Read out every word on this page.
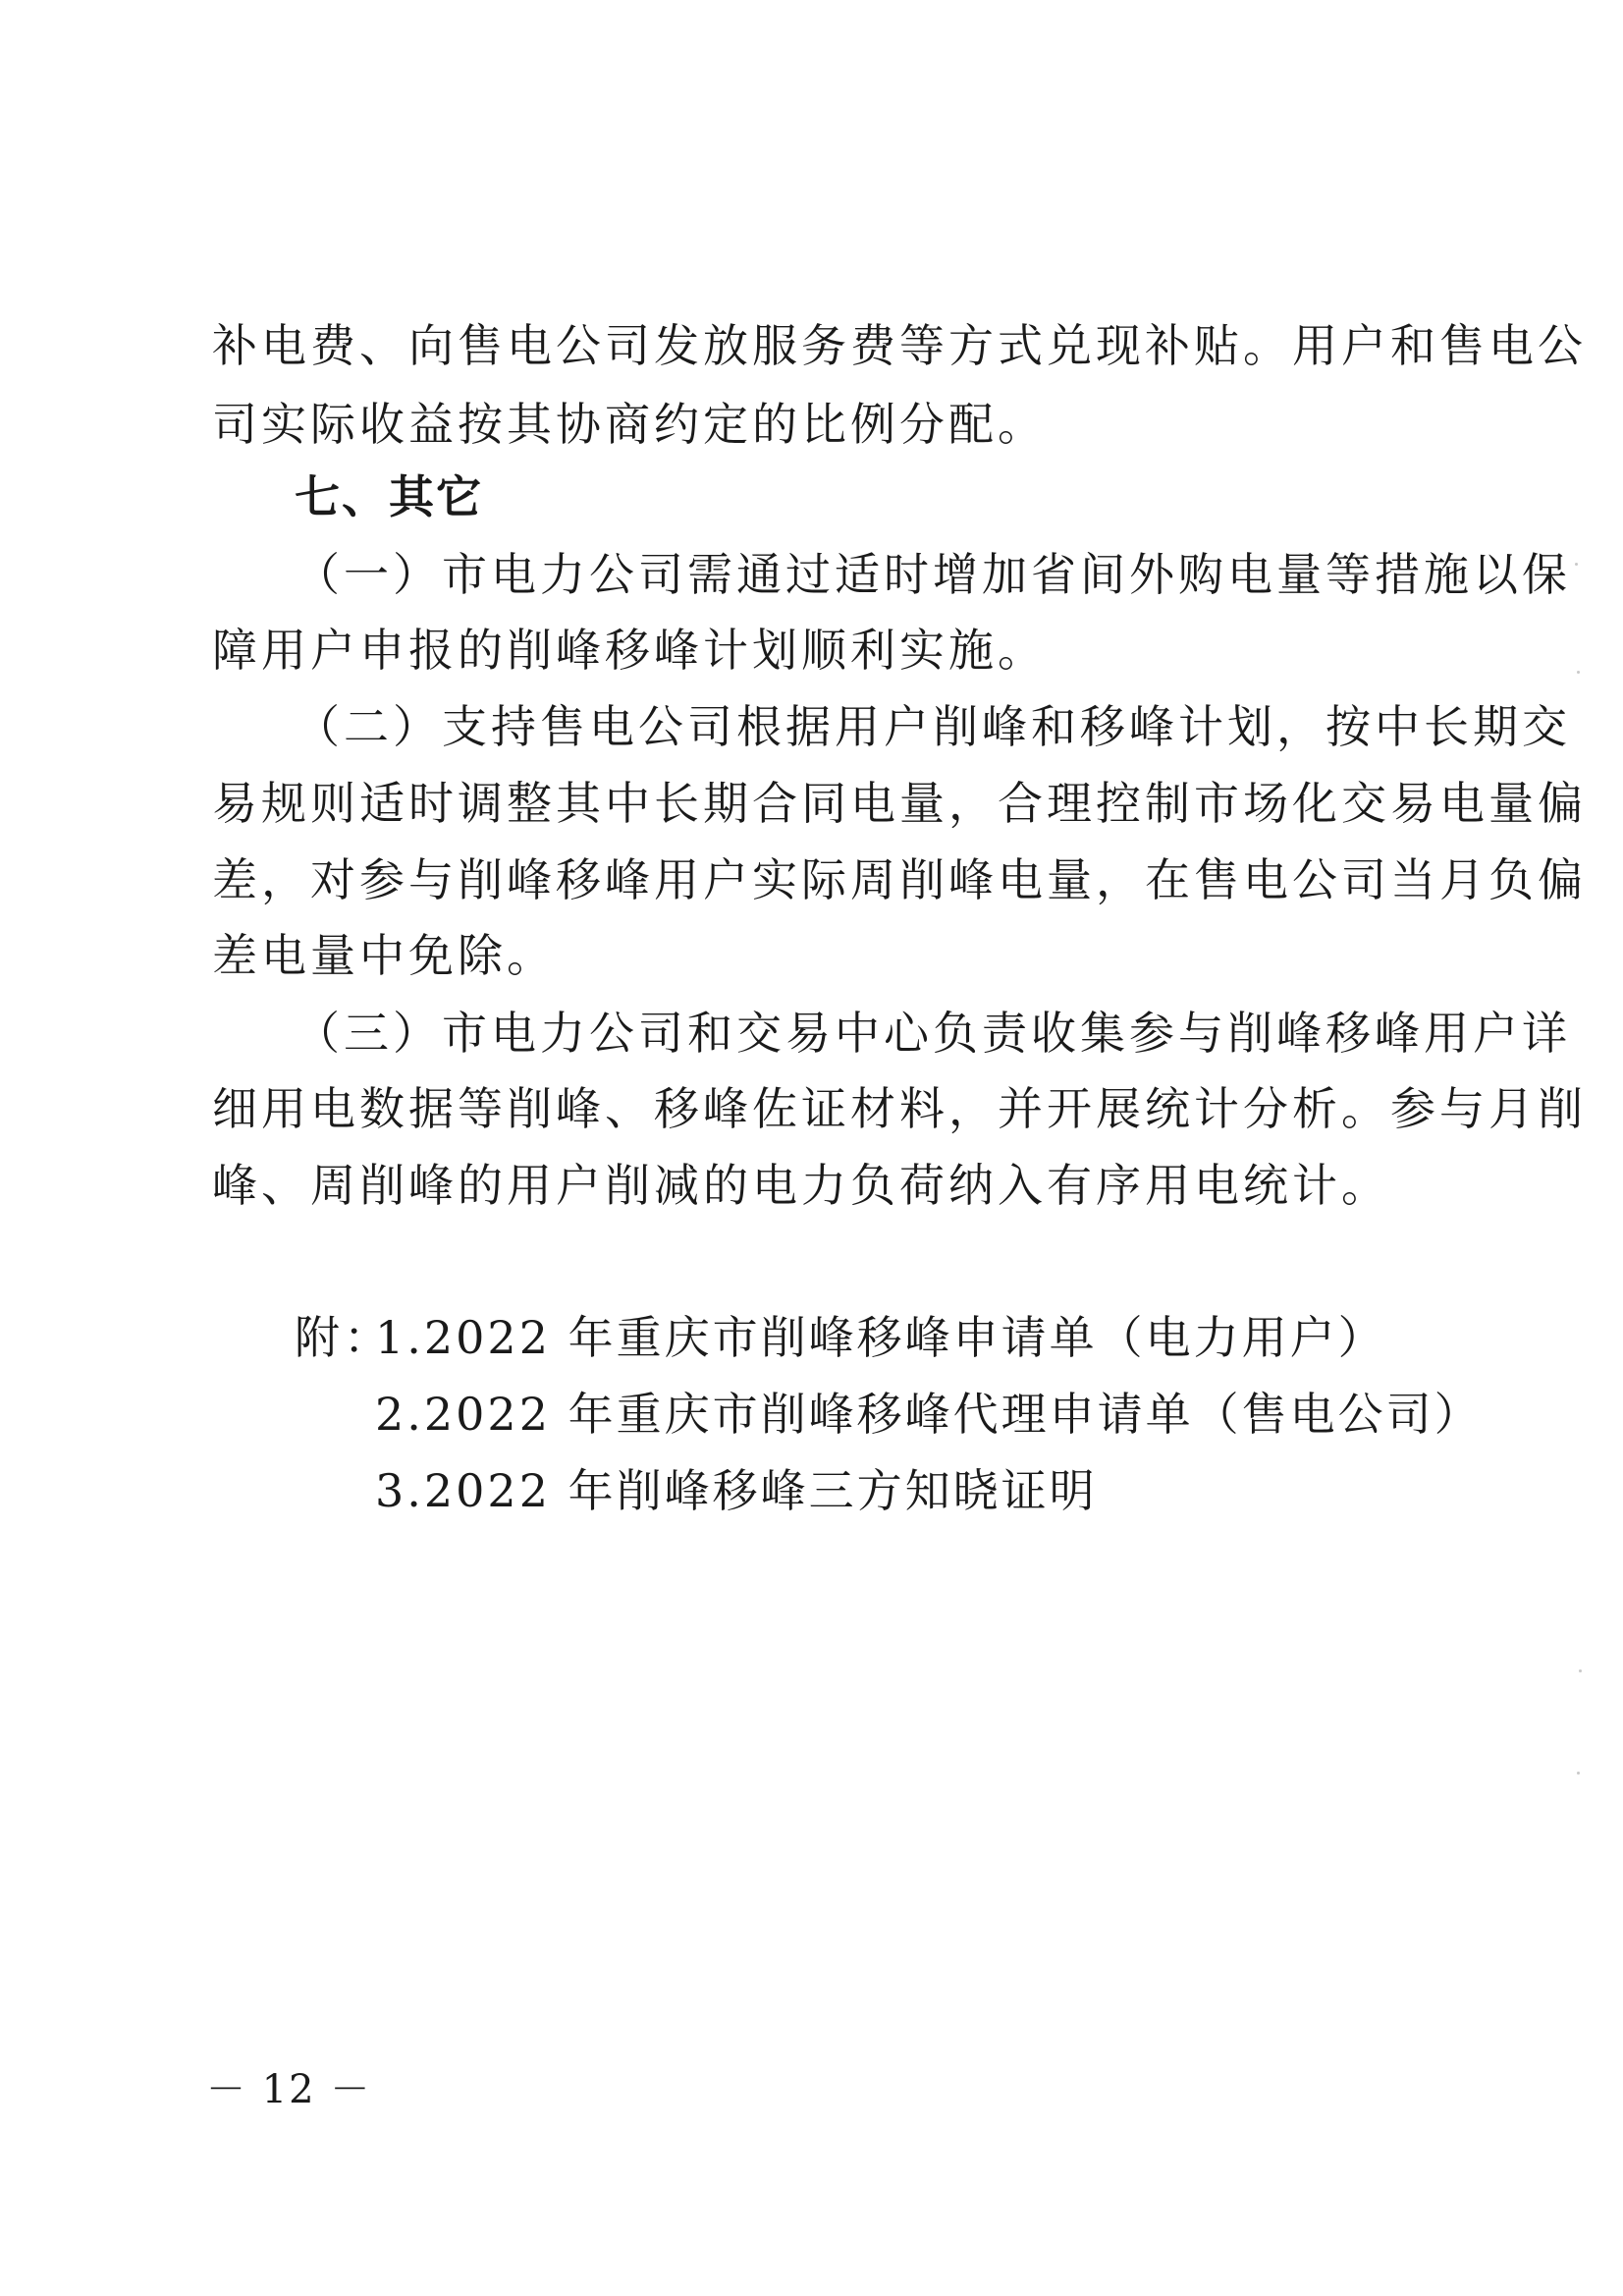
补电费、向售电公司发放服务费等方式兑现补贴。用户和售电公
司实际收益按其协商约定的比例分配。
七、其它
（一）市电力公司需通过适时增加省间外购电量等措施以保
障用户申报的削峰移峰计划顺利实施。
（二）支持售电公司根据用户削峰和移峰计划，按中长期交
易规则适时调整其中长期合同电量，合理控制市场化交易电量偏
差，对参与削峰移峰用户实际周削峰电量，在售电公司当月负偏
差电量中免除。
（三）市电力公司和交易中心负责收集参与削峰移峰用户详
细用电数据等削峰、移峰佐证材料，并开展统计分析。参与月削
峰、周削峰的用户削减的电力负荷纳入有序用电统计。
附：
1.2022 年重庆市削峰移峰申请单（电力用户）
2.2022 年重庆市削峰移峰代理申请单（售电公司）
3.2022 年削峰移峰三方知晓证明
－ 12 －
